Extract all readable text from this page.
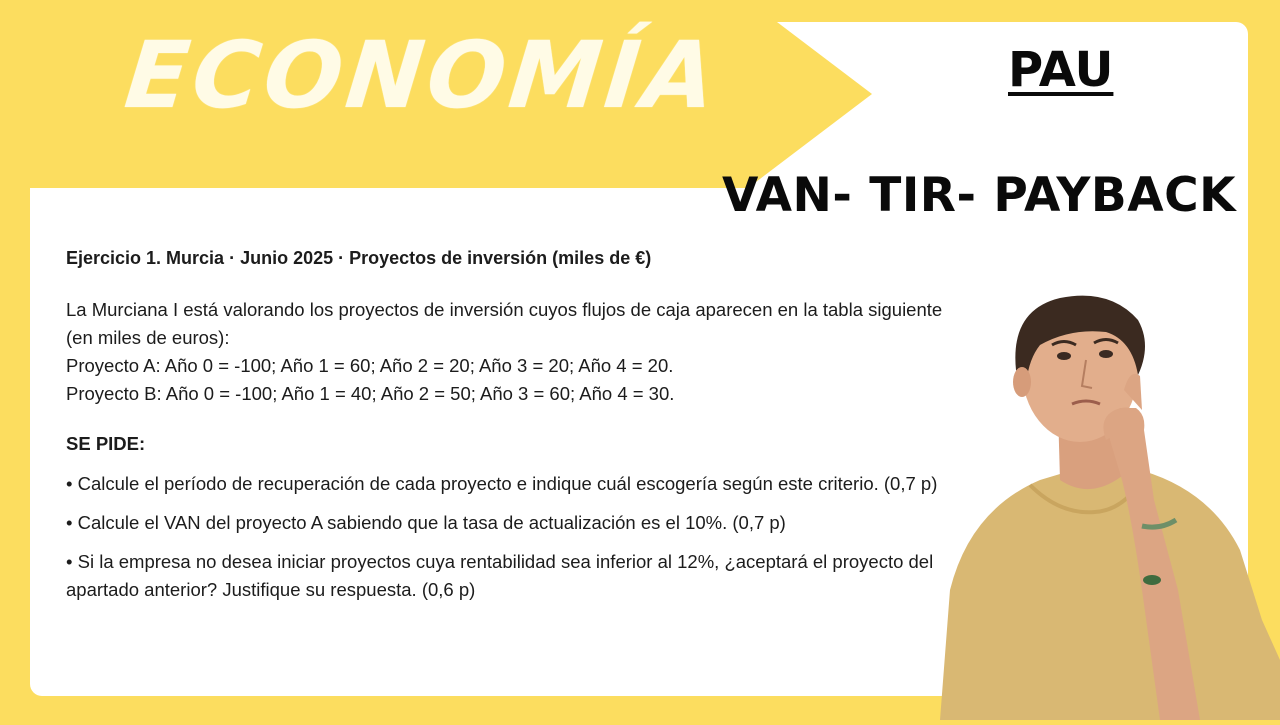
ECONOMÍA	PAU
VAN- TIR- PAYBACK
Ejercicio 1. Murcia · Junio 2025 · Proyectos de inversión (miles de €)

La Murciana I está valorando los proyectos de inversión cuyos flujos de caja aparecen en la tabla siguiente (en miles de euros):

Proyecto A: Año 0 = -100; Año 1 = 60; Año 2 = 20; Año 3 = 20; Año 4 = 20.

Proyecto B: Año 0 = -100; Año 1 = 40; Año 2 = 50; Año 3 = 60; Año 4 = 30.

SE PIDE:

• Calcule el período de recuperación de cada proyecto e indique cuál escogería según este criterio. (0,7 p)

• Calcule el VAN del proyecto A sabiendo que la tasa de actualización es el 10%. (0,7 p)

• Si la empresa no desea iniciar proyectos cuya rentabilidad sea inferior al 12%, ¿aceptará el proyecto del apartado anterior? Justifique su respuesta. (0,6 p)
